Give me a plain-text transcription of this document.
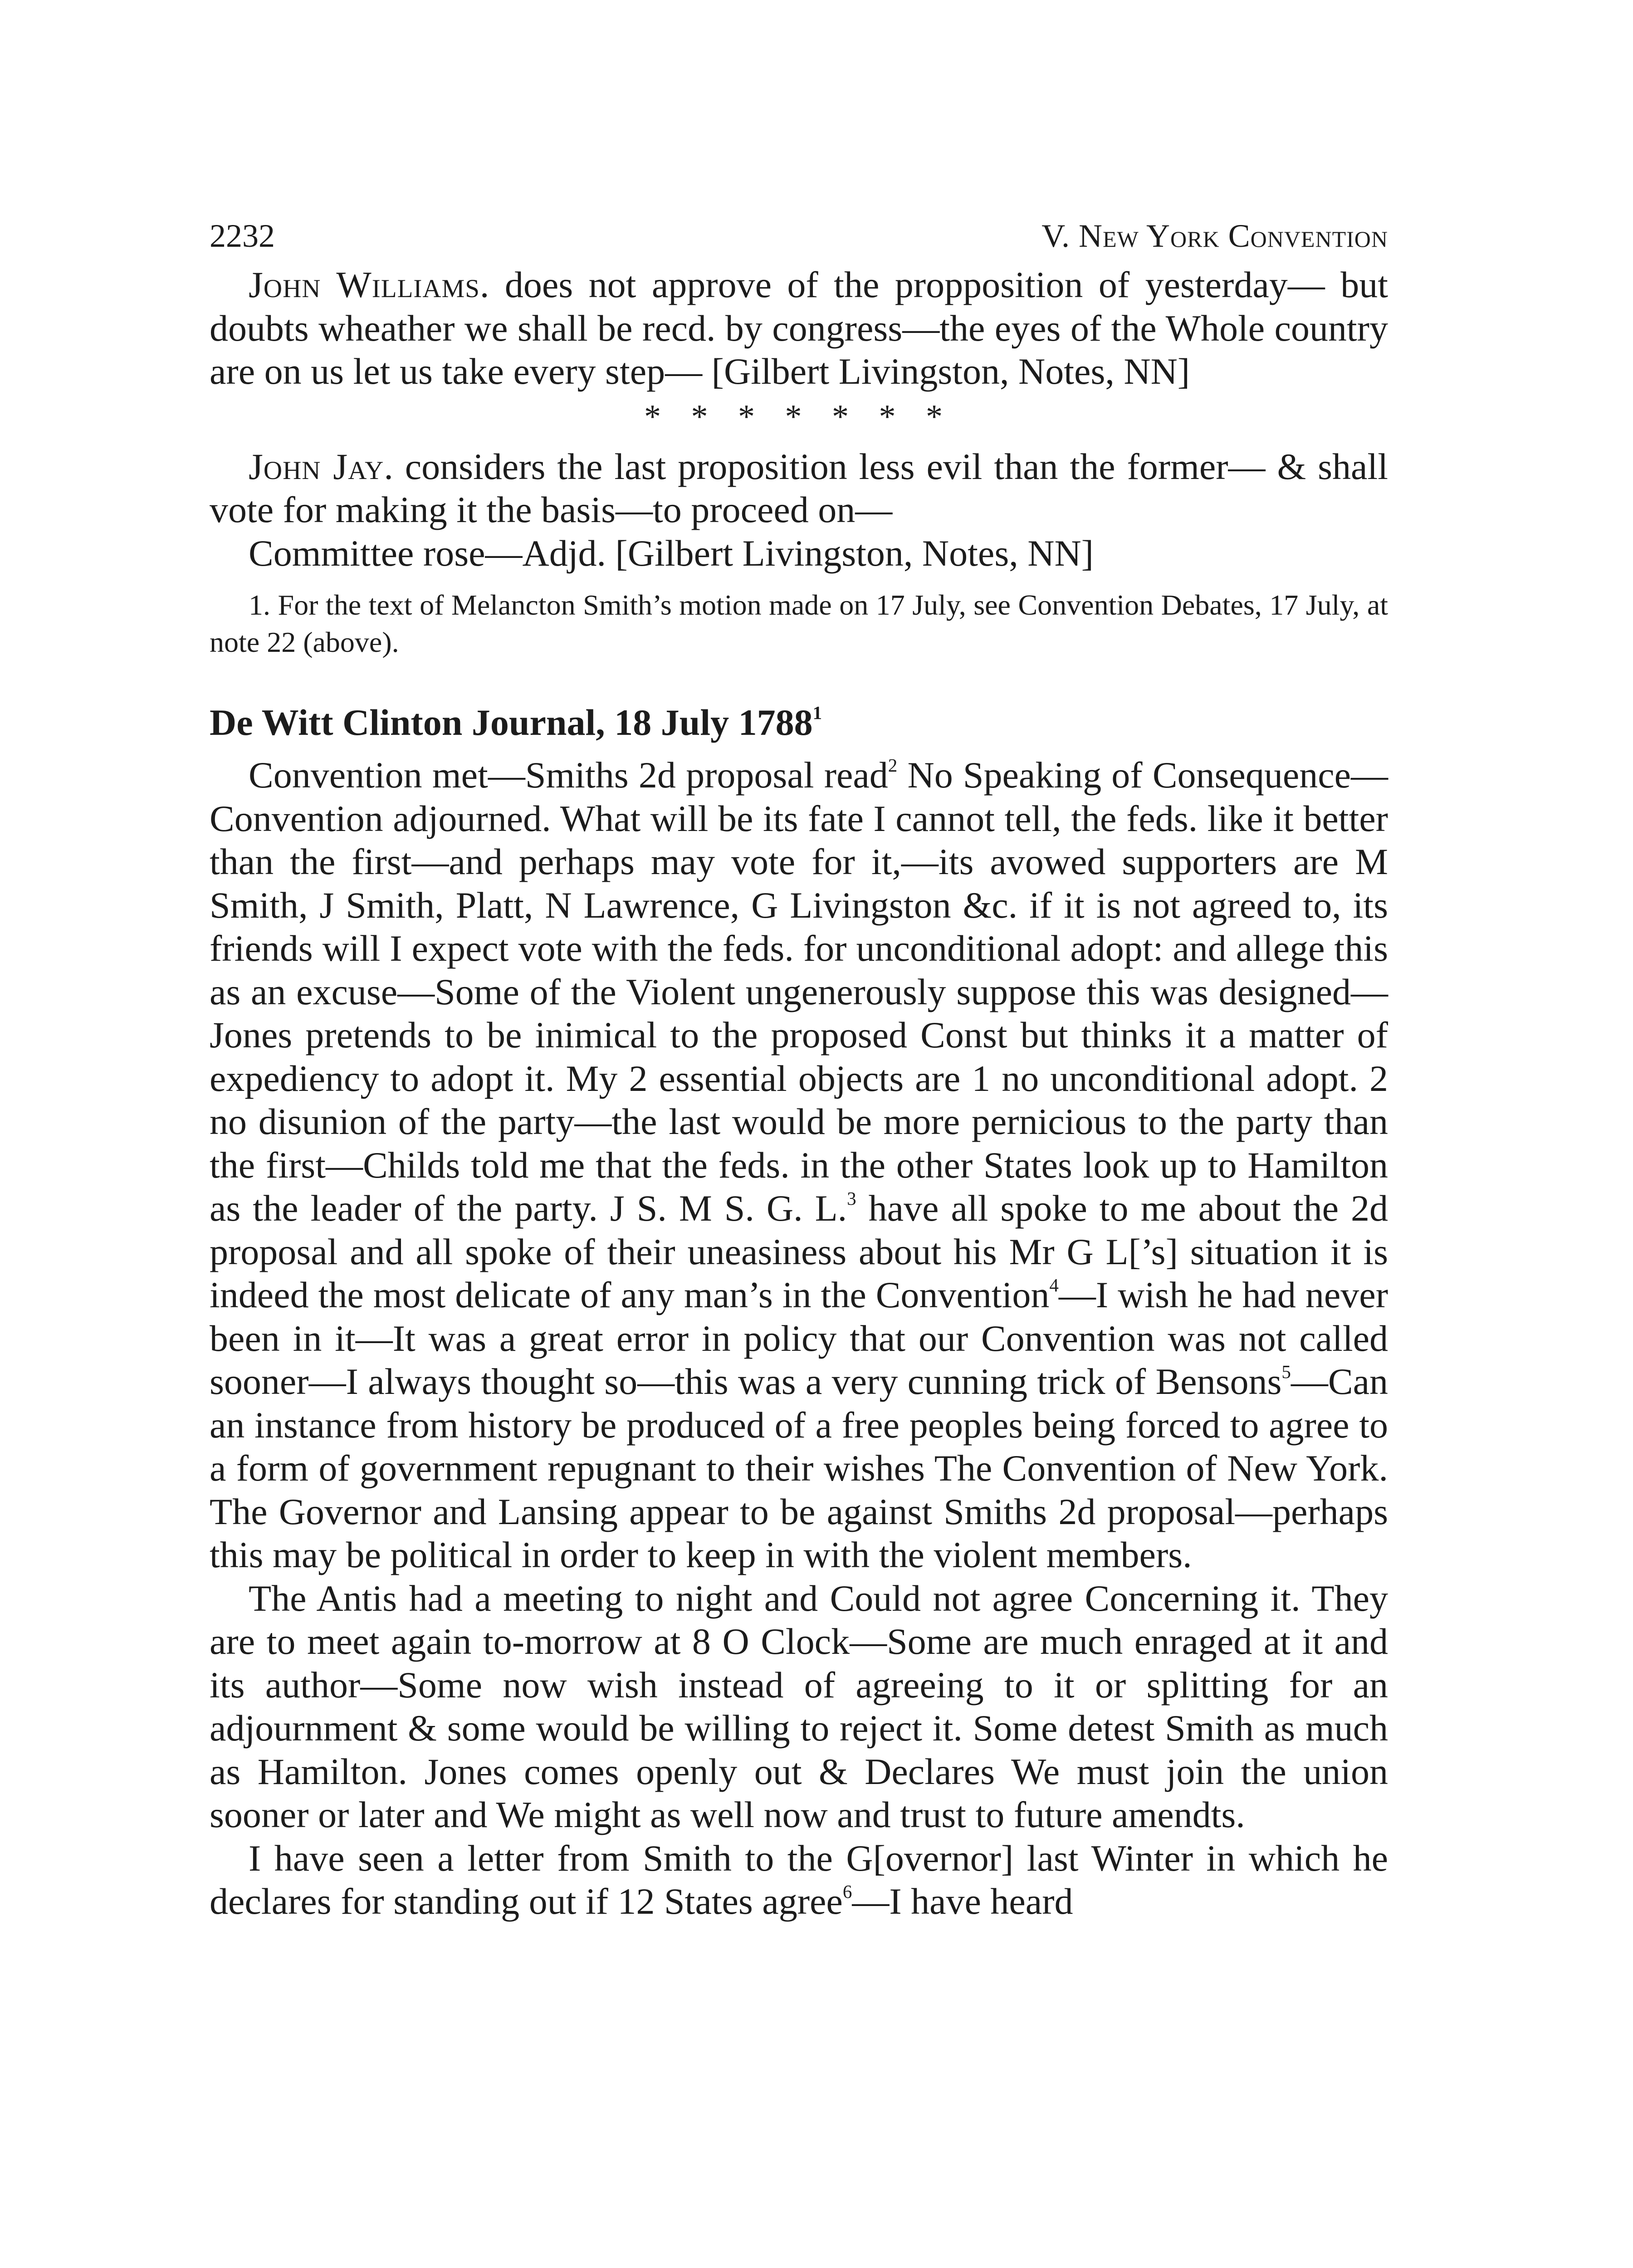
2232	V. New York Convention

John Williams. does not approve of the propposition of yesterday— but doubts wheather we shall be recd. by congress—the eyes of the Whole country are on us let us take every step— [Gilbert Livingston, Notes, NN]

* * * * * * *

John Jay. considers the last proposition less evil than the former— & shall vote for making it the basis—to proceed on—

Committee rose—Adjd. [Gilbert Livingston, Notes, NN]

1. For the text of Melancton Smith’s motion made on 17 July, see Convention Debates, 17 July, at note 22 (above).

De Witt Clinton Journal, 18 July 1788$^1$

Convention met—Smiths 2d proposal read$^2$ No Speaking of Consequence—Convention adjourned. What will be its fate I cannot tell, the feds. like it better than the first—and perhaps may vote for it,—its avowed supporters are M Smith, J Smith, Platt, N Lawrence, G Livingston &c. if it is not agreed to, its friends will I expect vote with the feds. for unconditional adopt: and allege this as an excuse—Some of the Violent ungenerously suppose this was designed—Jones pretends to be inimical to the proposed Const but thinks it a matter of expediency to adopt it. My 2 essential objects are 1 no unconditional adopt. 2 no disunion of the party—the last would be more pernicious to the party than the first—Childs told me that the feds. in the other States look up to Hamilton as the leader of the party. J S. M S. G. L.$^3$ have all spoke to me about the 2d proposal and all spoke of their uneasiness about his Mr G L[’s] situation it is indeed the most delicate of any man’s in the Convention$^4$—I wish he had never been in it—It was a great error in policy that our Convention was not called sooner—I always thought so—this was a very cunning trick of Bensons$^5$—Can an instance from history be produced of a free peoples being forced to agree to a form of government repugnant to their wishes The Convention of New York. The Governor and Lansing appear to be against Smiths 2d proposal—perhaps this may be political in order to keep in with the violent members.

The Antis had a meeting to night and Could not agree Concerning it. They are to meet again to-morrow at 8 O Clock—Some are much enraged at it and its author—Some now wish instead of agreeing to it or splitting for an adjournment & some would be willing to reject it. Some detest Smith as much as Hamilton. Jones comes openly out & Declares We must join the union sooner or later and We might as well now and trust to future amendts.

I have seen a letter from Smith to the G[overnor] last Winter in which he declares for standing out if 12 States agree$^6$—I have heard
